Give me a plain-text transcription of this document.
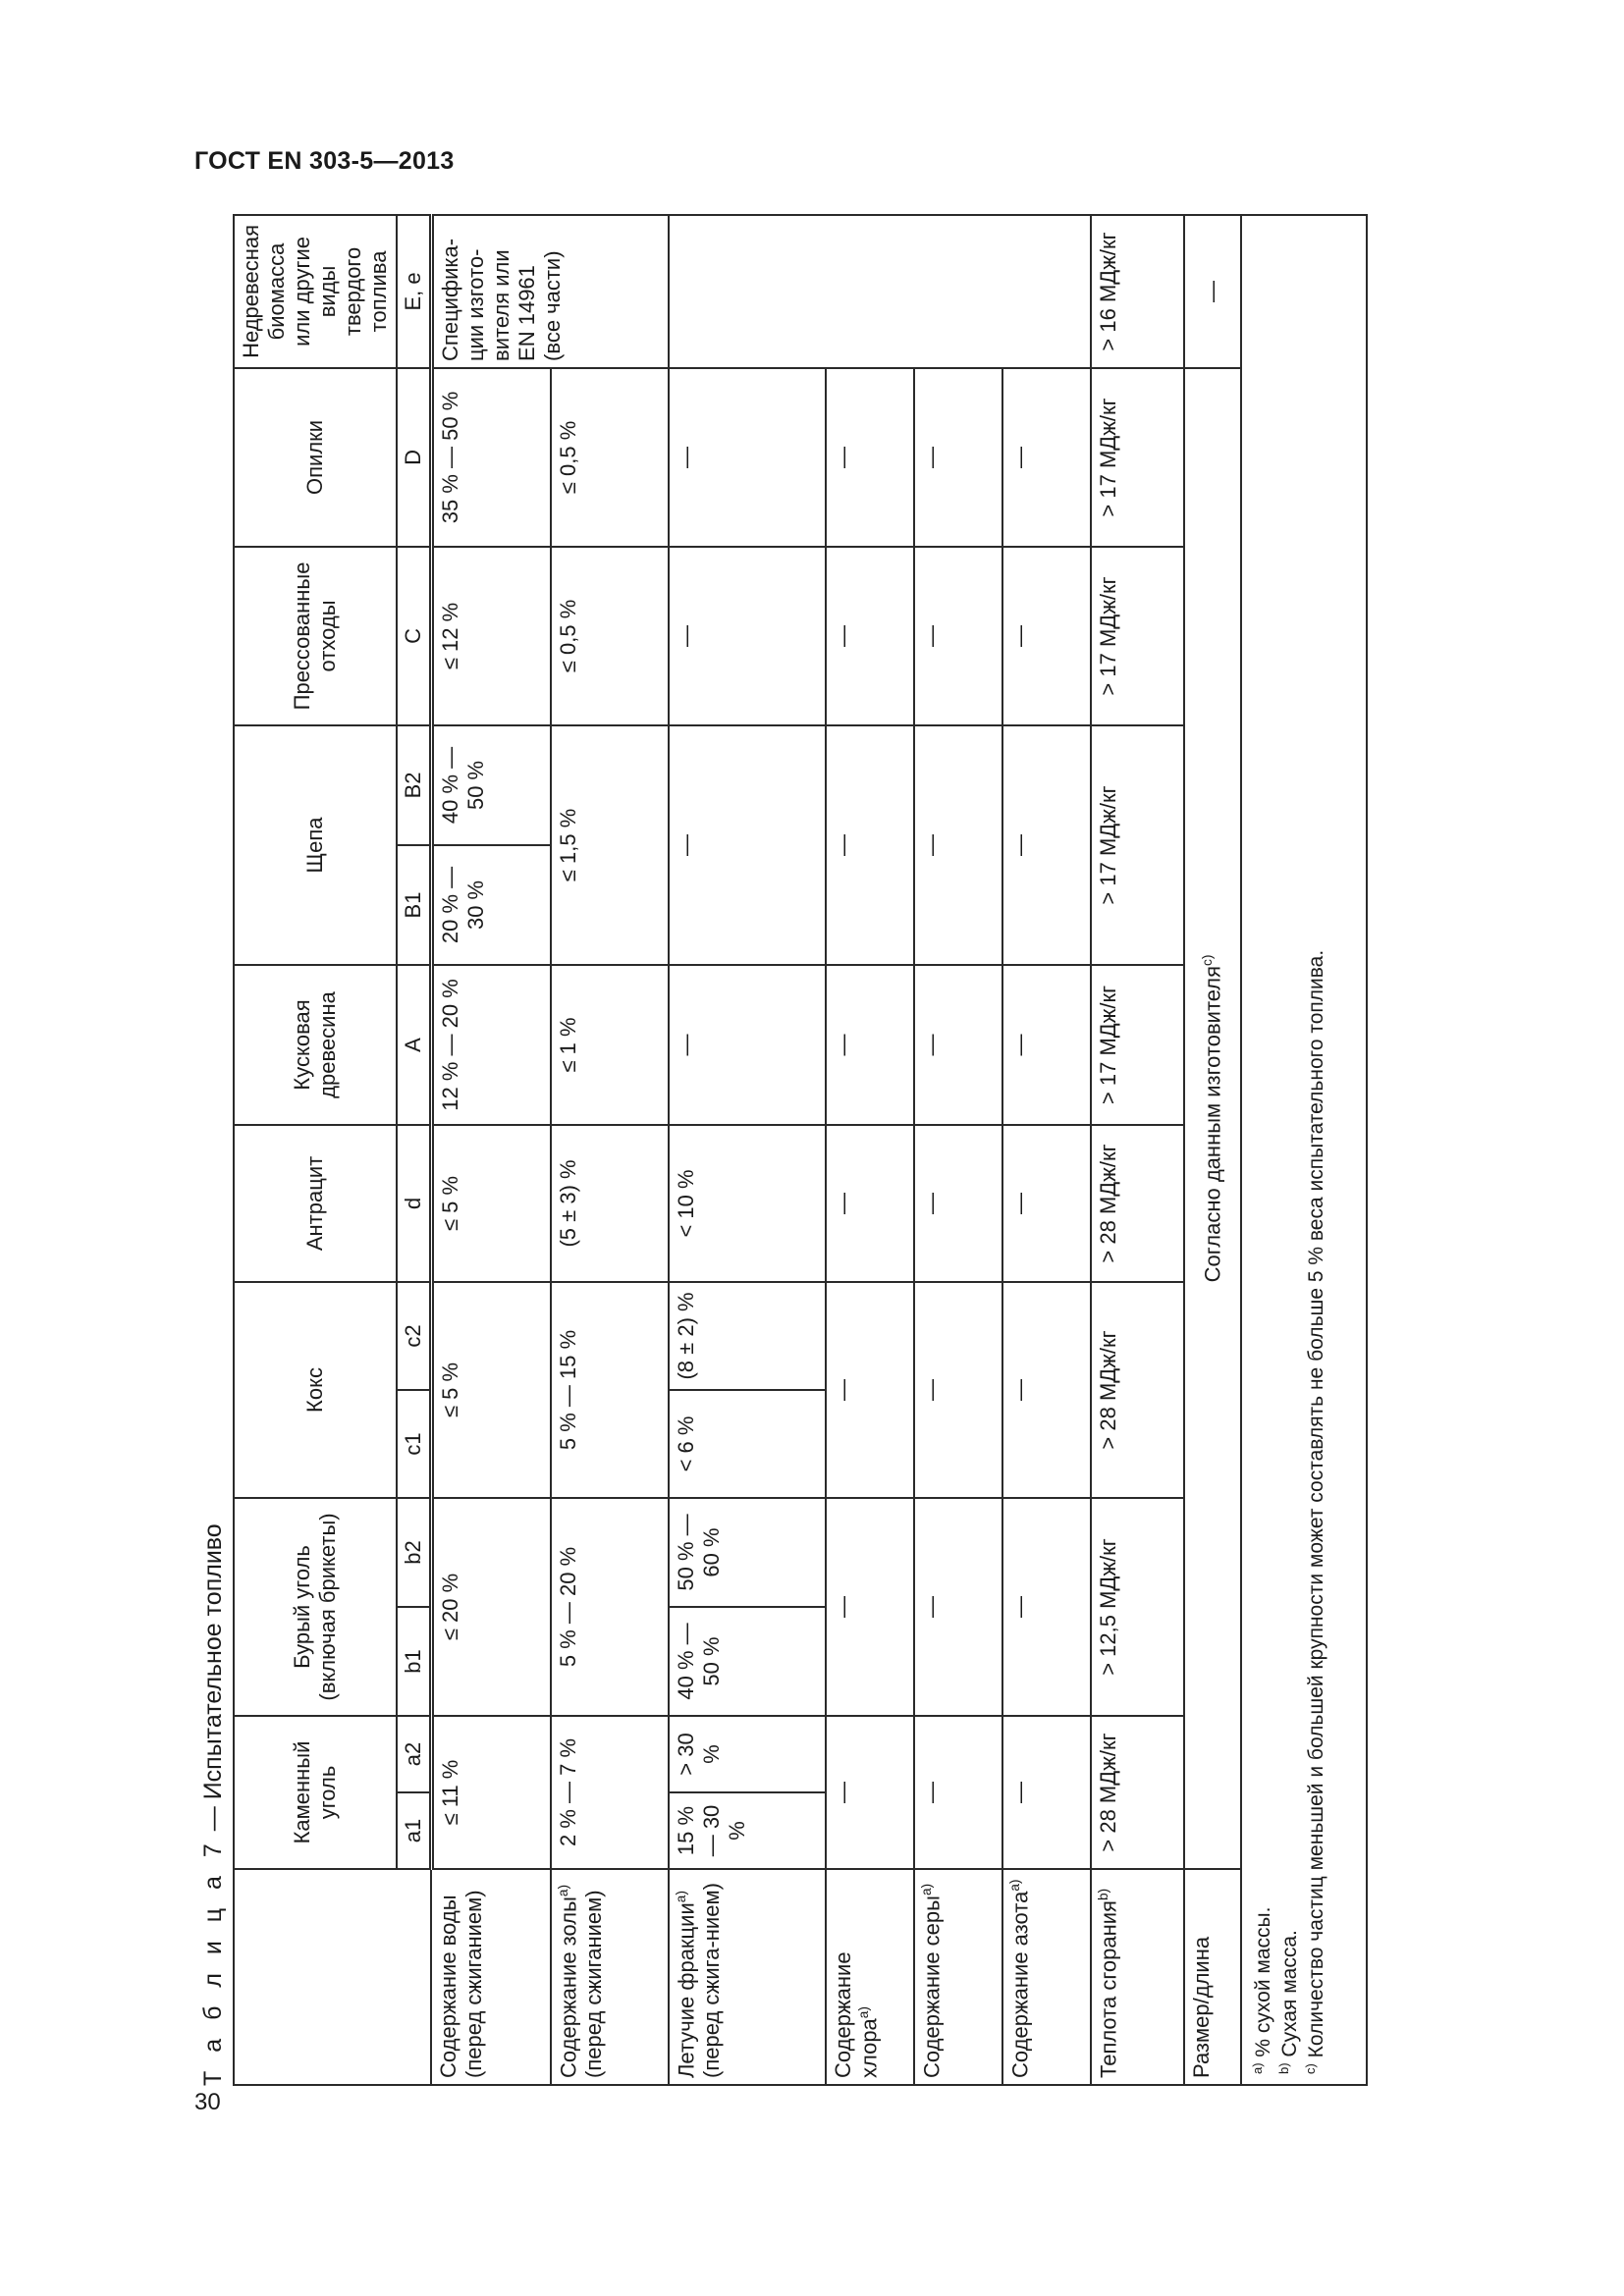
ГОСТ EN 303-5—2013
30
Т а б л и ц а 7 — Испытательное топливо
		Каменный уголь		Бурый уголь (включая брикеты)		Кокс		Антрацит	Кусковая древесина	Щепа		Прессованные отходы	Опилки	Недревесная биомасса или другие виды твердого топлива
	a1	a2	b1	b2	c1	c2	d	A	B1	B2	C	D	E, e
Содержание воды (перед сжиганием)	≤ 11 %		≤ 20 %		≤ 5 %		≤ 5 %	12 % — 20 %	20 % — 30 %	40 % — 50 %	≤ 12 %	35 % — 50 %	Специфика-ции изгото-вителя или EN 14961 (все части)
Содержание золы$^{a)}$ (перед сжиганием)	2 % — 7 %		5 % — 20 %		5 % — 15 %		(5 ± 3) %	≤ 1 %	≤ 1,5 %		≤ 0,5 %	≤ 0,5 %	
Летучие фракции$^{a)}$ (перед сжига-нием)	15 % — 30 %	> 30 %	40 % — 50 %	50 % — 60 %	< 6 %	(8 ± 2) %	< 10 %	—	—		—	—	
Содержание хлора$^{a)}$	—		—		—		—	—	—		—	—	
Содержание серы$^{a)}$	—		—		—		—	—	—		—	—	
Содержание азота$^{a)}$	—		—		—		—	—	—		—	—	
Теплота сгорания$^{b)}$	> 28 МДж/кг		> 12,5 МДж/кг		> 28 МДж/кг		> 28 МДж/кг	> 17 МДж/кг	> 17 МДж/кг		> 17 МДж/кг	> 17 МДж/кг	> 16 МДж/кг
Размер/длина	Согласно данным изготовителя$^{c)}$												—

$^{a)}$ % сухой массы.
$^{b)}$ Сухая масса.
$^{c)}$ Количество частиц меньшей и большей крупности может составлять не больше 5 % веса испытательного топлива.													
